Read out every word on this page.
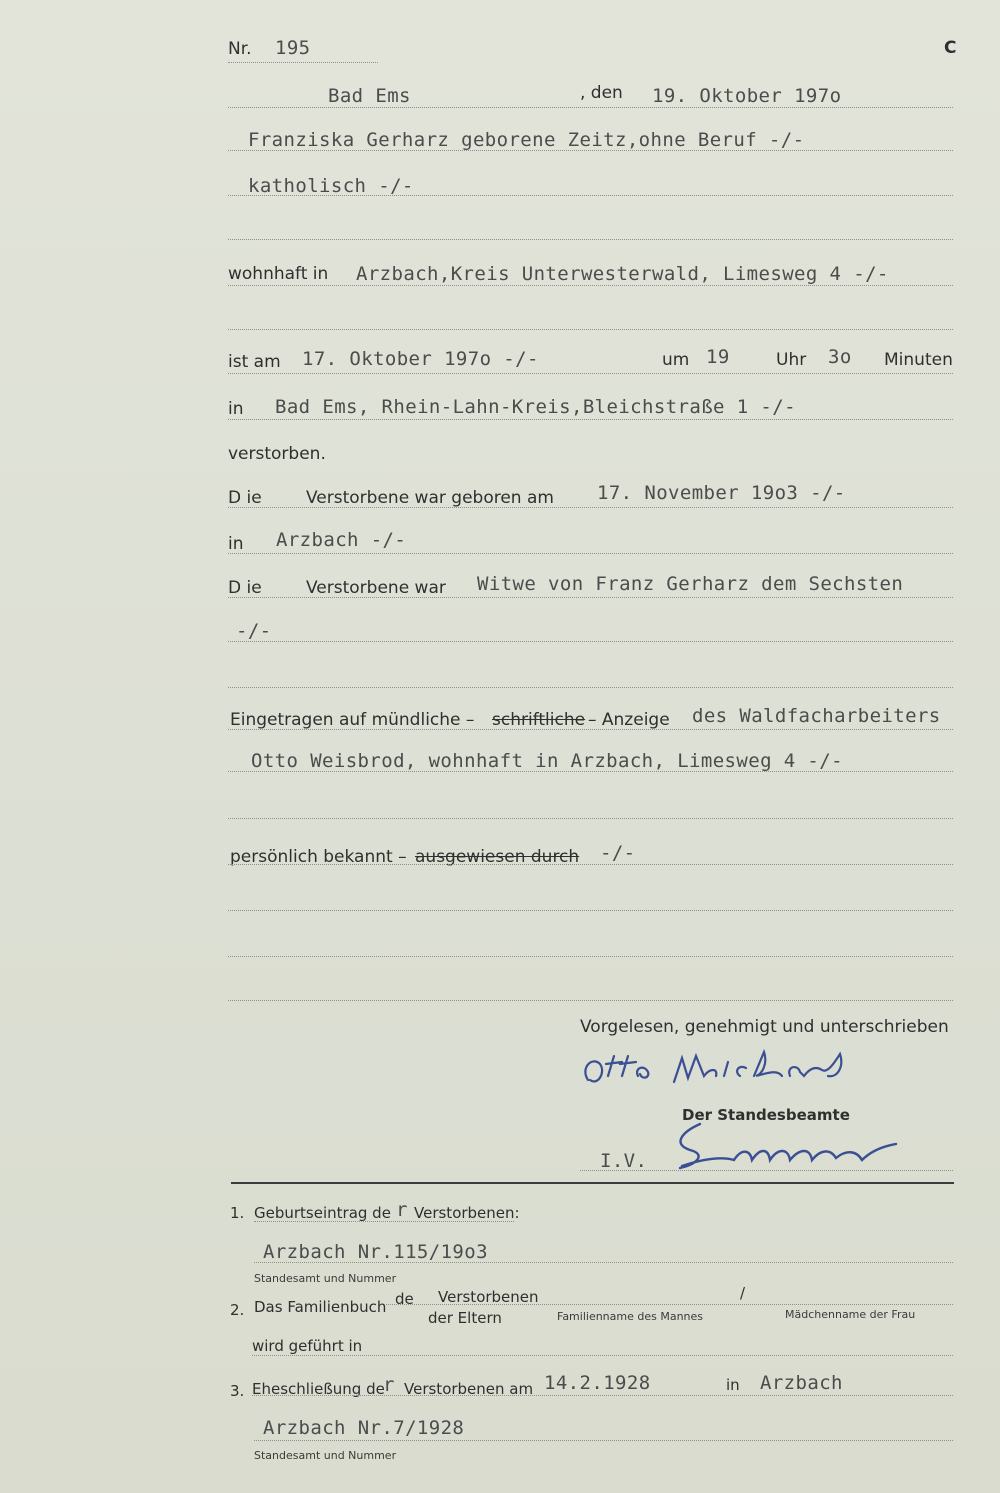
Nr. 195	C
Bad Ems	, den 19. Oktober 197o
Franziska Gerharz geborene Zeitz,ohne Beruf -/-
katholisch -/-
wohnhaft in Arzbach,Kreis Unterwesterwald, Limesweg 4 -/-
ist am 17. Oktober 197o -/-	um 19	Uhr 3o Minuten
in Bad Ems, Rhein-Lahn-Kreis,Bleichstraße 1 -/-
verstorben.
D ie	Verstorbene war geboren am 17. November 19o3 -/-
in Arzbach -/-
D ie	Verstorbene war Witwe von Franz Gerharz dem Sechsten
-/-
Eingetragen auf mündliche – schriftliche – Anzeige des Waldfacharbeiters
Otto Weisbrod, wohnhaft in Arzbach, Limesweg 4 -/-
persönlich bekannt – ausgewiesen durch -/-
Vorgelesen, genehmigt und unterschrieben
Der Standesbeamte
I.V.
1. Geburtseintrag de r Verstorbenen:
Arzbach Nr.115/19o3
Standesamt und Nummer
2. Das Familienbuch de Verstorbenen	/
der Eltern	Familienname des Mannes	Mädchenname der Frau
wird geführt in
3. Eheschließung de
r Verstorbenen am 14.2.1928	in Arzbach
Arzbach Nr.7/1928
Standesamt und Nummer
